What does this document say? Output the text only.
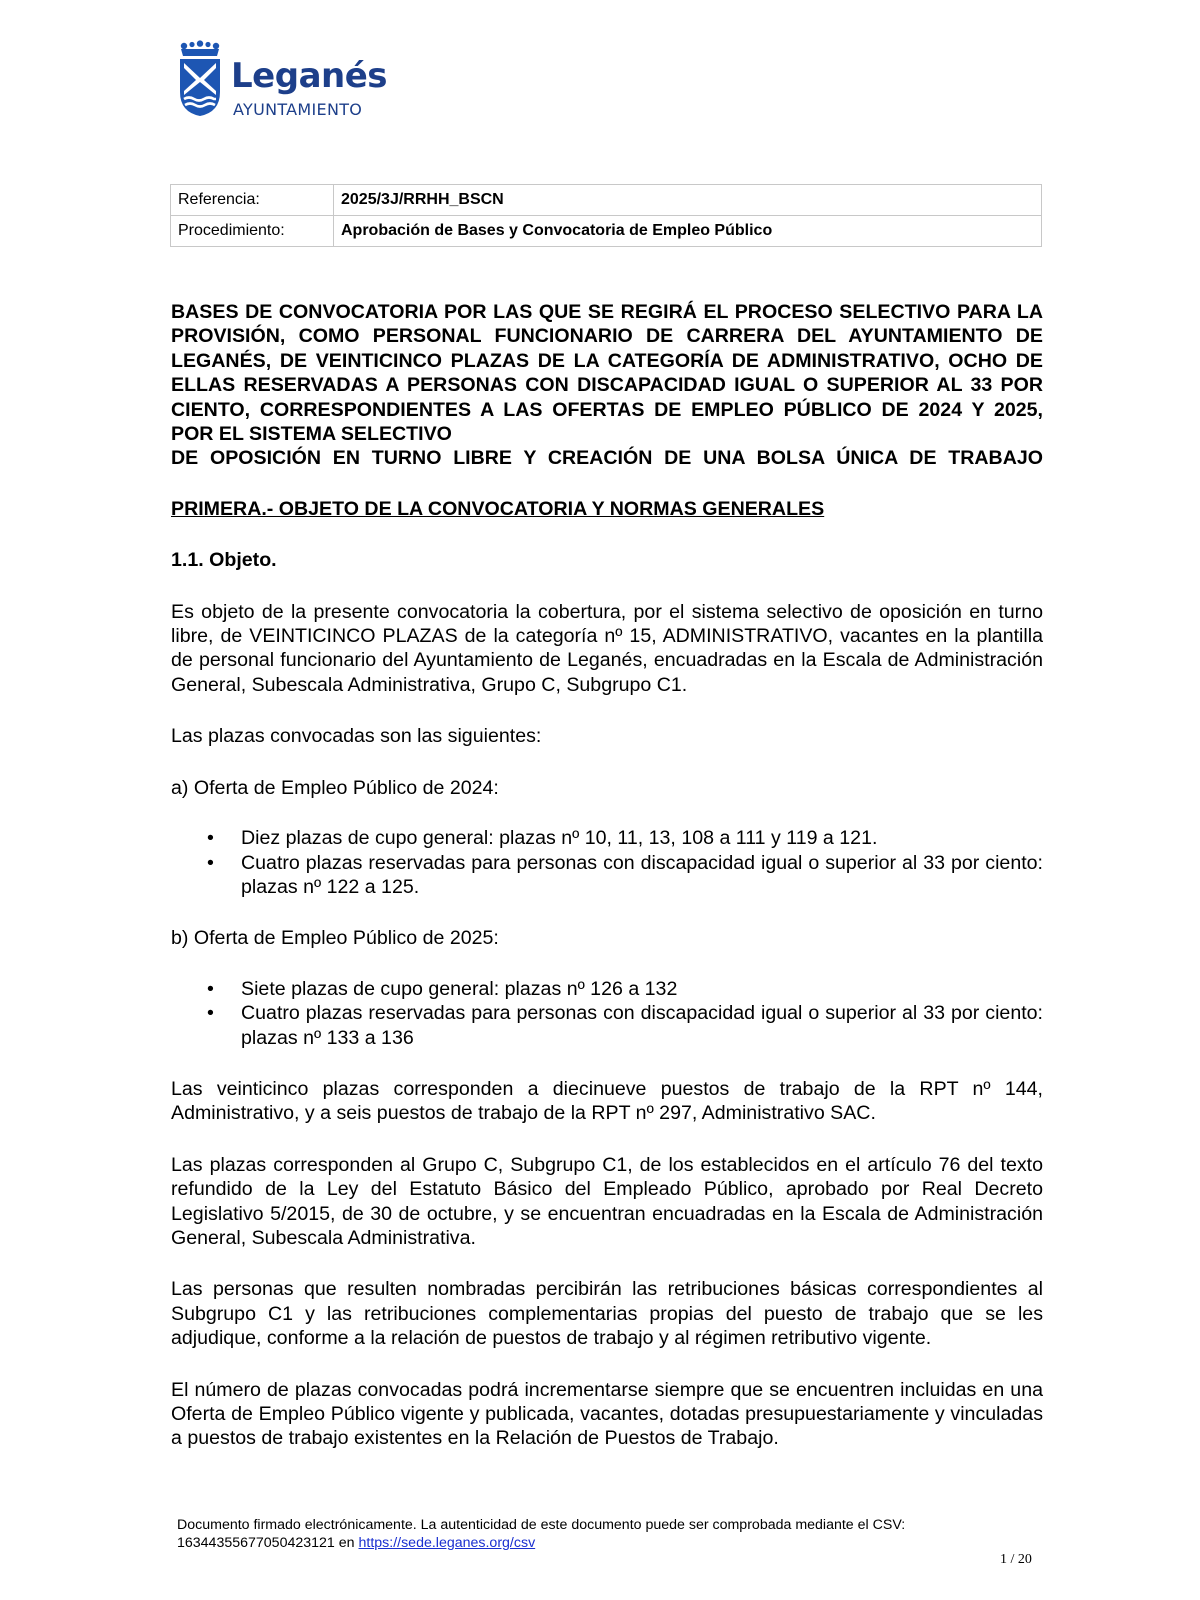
Leganés
AYUNTAMIENTO
Referencia:	2025/3J/RRHH_BSCN
Procedimiento:	Aprobación de Bases y Convocatoria de Empleo Público

BASES DE CONVOCATORIA POR LAS QUE SE REGIRÁ EL PROCESO SELECTIVO PARA LA PROVISIÓN, COMO PERSONAL FUNCIONARIO DE CARRERA DEL AYUNTAMIENTO DE LEGANÉS, DE VEINTICINCO PLAZAS DE LA CATEGORÍA DE ADMINISTRATIVO, OCHO DE ELLAS RESERVADAS A PERSONAS CON DISCAPACIDAD IGUAL O SUPERIOR AL 33 POR CIENTO, CORRESPONDIENTES A LAS OFERTAS DE EMPLEO PÚBLICO DE 2024 Y 2025, POR EL SISTEMA SELECTIVO

DE OPOSICIÓN EN TURNO LIBRE Y CREACIÓN DE UNA BOLSA ÚNICA DE TRABAJO

PRIMERA.- OBJETO DE LA CONVOCATORIA Y NORMAS GENERALES

1.1. Objeto.

Es objeto de la presente convocatoria la cobertura, por el sistema selectivo de oposición en turno libre, de VEINTICINCO PLAZAS de la categoría nº 15, ADMINISTRATIVO, vacantes en la plantilla de personal funcionario del Ayuntamiento de Leganés, encuadradas en la Escala de Administración General, Subescala Administrativa, Grupo C, Subgrupo C1.

Las plazas convocadas son las siguientes:

a) Oferta de Empleo Público de 2024:

• Diez plazas de cupo general: plazas nº 10, 11, 13, 108 a 111 y 119 a 121.
• Cuatro plazas reservadas para personas con discapacidad igual o superior al 33 por ciento: plazas nº 122 a 125.

b) Oferta de Empleo Público de 2025:

• Siete plazas de cupo general: plazas nº 126 a 132
• Cuatro plazas reservadas para personas con discapacidad igual o superior al 33 por ciento: plazas nº 133 a 136

Las veinticinco plazas corresponden a diecinueve puestos de trabajo de la RPT nº 144, Administrativo, y a seis puestos de trabajo de la RPT nº 297, Administrativo SAC.

Las plazas corresponden al Grupo C, Subgrupo C1, de los establecidos en el artículo 76 del texto refundido de la Ley del Estatuto Básico del Empleado Público, aprobado por Real Decreto Legislativo 5/2015, de 30 de octubre, y se encuentran encuadradas en la Escala de Administración General, Subescala Administrativa.

Las personas que resulten nombradas percibirán las retribuciones básicas correspondientes al Subgrupo C1 y las retribuciones complementarias propias del puesto de trabajo que se les adjudique, conforme a la relación de puestos de trabajo y al régimen retributivo vigente.

El número de plazas convocadas podrá incrementarse siempre que se encuentren incluidas en una Oferta de Empleo Público vigente y publicada, vacantes, dotadas presupuestariamente y vinculadas a puestos de trabajo existentes en la Relación de Puestos de Trabajo.

Documento firmado electrónicamente. La autenticidad de este documento puede ser comprobada mediante el CSV:
16344355677050423121 en https://sede.leganes.org/csv
1 / 20
